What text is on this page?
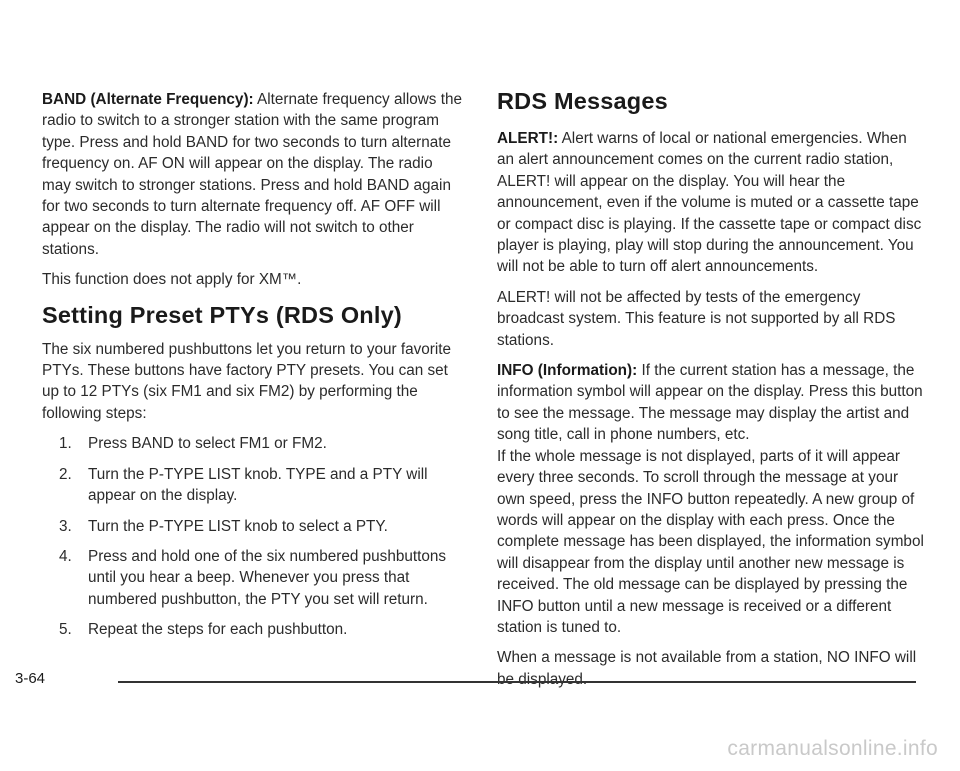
BAND (Alternate Frequency): Alternate frequency allows the radio to switch to a stronger station with the same program type. Press and hold BAND for two seconds to turn alternate frequency on. AF ON will appear on the display. The radio may switch to stronger stations. Press and hold BAND again for two seconds to turn alternate frequency off. AF OFF will appear on the display. The radio will not switch to other stations.

This function does not apply for XM™.

Setting Preset PTYs (RDS Only)

The six numbered pushbuttons let you return to your favorite PTYs. These buttons have factory PTY presets. You can set up to 12 PTYs (six FM1 and six FM2) by performing the following steps:

1. Press BAND to select FM1 or FM2.
2. Turn the P-TYPE LIST knob. TYPE and a PTY will appear on the display.
3. Turn the P-TYPE LIST knob to select a PTY.
4. Press and hold one of the six numbered pushbuttons until you hear a beep. Whenever you press that numbered pushbutton, the PTY you set will return.
5. Repeat the steps for each pushbutton.
RDS Messages

ALERT!: Alert warns of local or national emergencies. When an alert announcement comes on the current radio station, ALERT! will appear on the display. You will hear the announcement, even if the volume is muted or a cassette tape or compact disc is playing. If the cassette tape or compact disc player is playing, play will stop during the announcement. You will not be able to turn off alert announcements.

ALERT! will not be affected by tests of the emergency broadcast system. This feature is not supported by all RDS stations.

INFO (Information): If the current station has a message, the information symbol will appear on the display. Press this button to see the message. The message may display the artist and song title, call in phone numbers, etc.

If the whole message is not displayed, parts of it will appear every three seconds. To scroll through the message at your own speed, press the INFO button repeatedly. A new group of words will appear on the display with each press. Once the complete message has been displayed, the information symbol will disappear from the display until another new message is received. The old message can be displayed by pressing the INFO button until a new message is received or a different station is tuned to.

When a message is not available from a station, NO INFO will be displayed.

3-64
carmanualsonline.info
